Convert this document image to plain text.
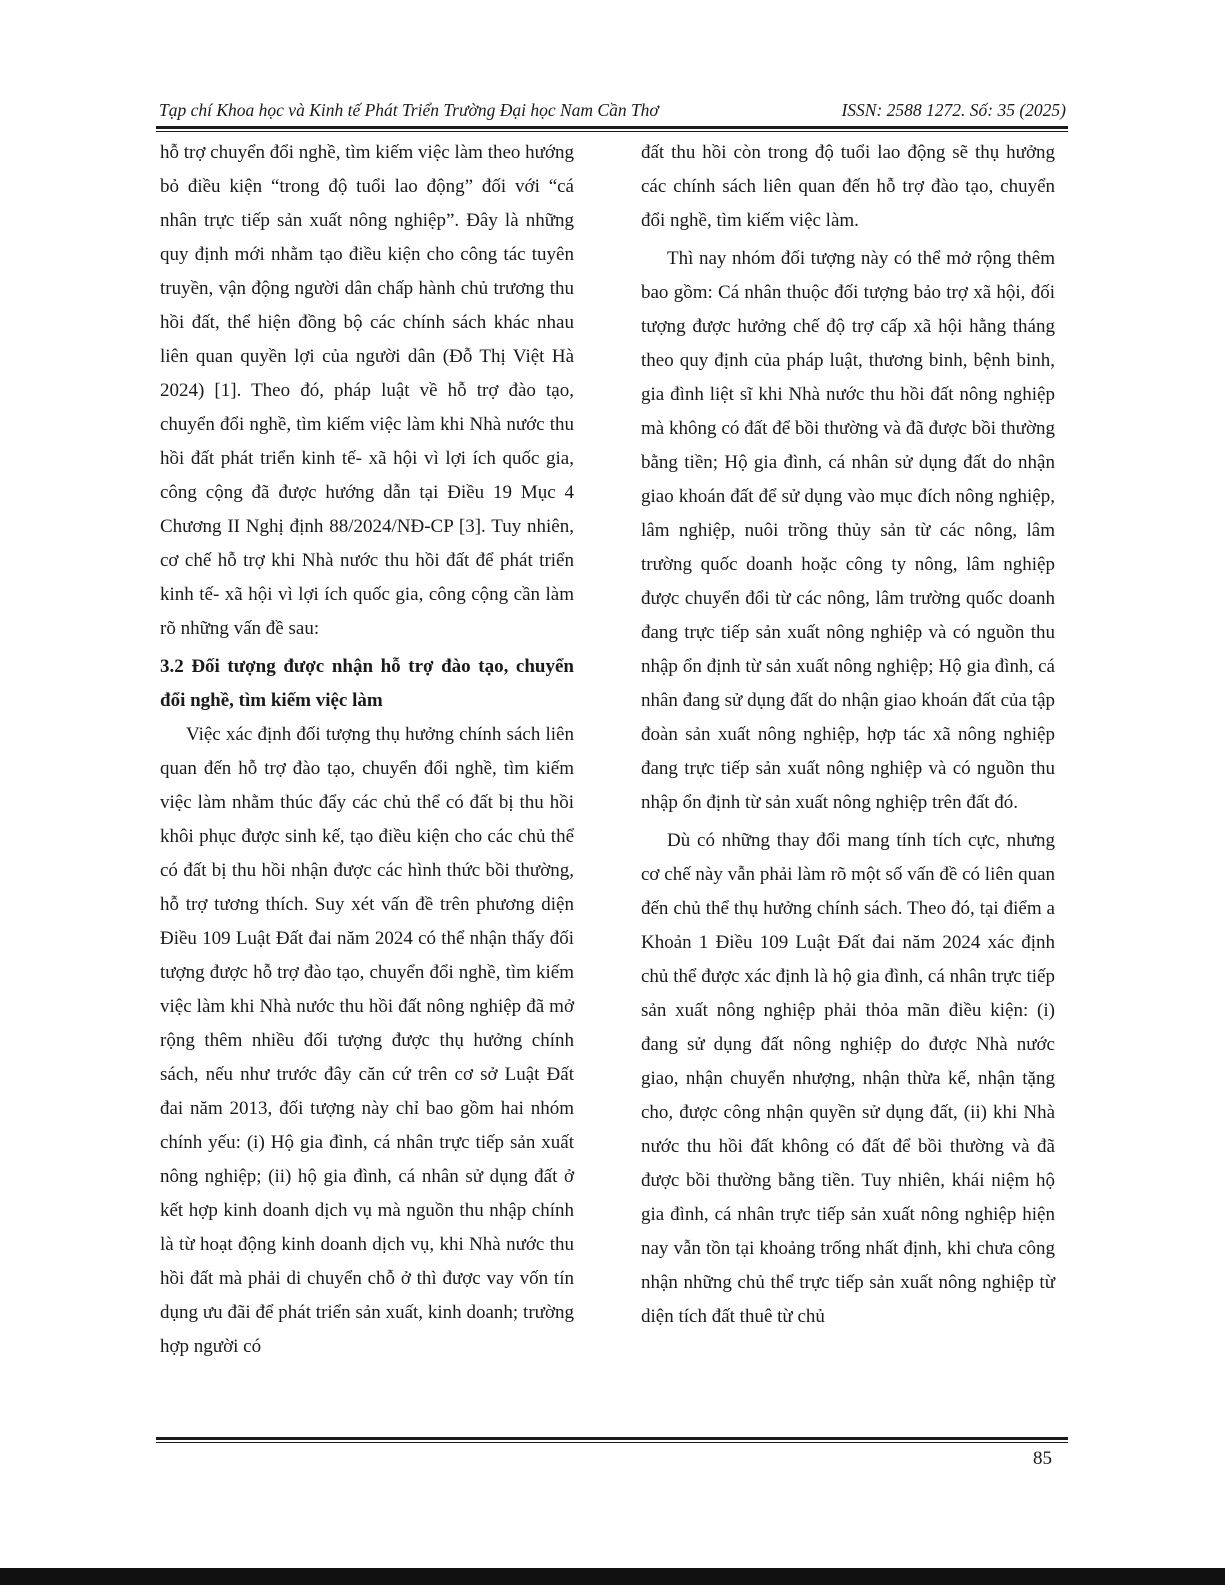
Tạp chí Khoa học và Kinh tế Phát Triển Trường Đại học Nam Cần Thơ	ISSN: 2588 1272. Số: 35 (2025)

hỗ trợ chuyển đổi nghề, tìm kiếm việc làm theo hướng bỏ điều kiện “trong độ tuổi lao động” đối với “cá nhân trực tiếp sản xuất nông nghiệp”. Đây là những quy định mới nhằm tạo điều kiện cho công tác tuyên truyền, vận động người dân chấp hành chủ trương thu hồi đất, thể hiện đồng bộ các chính sách khác nhau liên quan quyền lợi của người dân (Đỗ Thị Việt Hà 2024) [1]. Theo đó, pháp luật về hỗ trợ đào tạo, chuyển đổi nghề, tìm kiếm việc làm khi Nhà nước thu hồi đất phát triển kinh tế- xã hội vì lợi ích quốc gia, công cộng đã được hướng dẫn tại Điều 19 Mục 4 Chương II Nghị định 88/2024/NĐ-CP [3]. Tuy nhiên, cơ chế hỗ trợ khi Nhà nước thu hồi đất để phát triển kinh tế- xã hội vì lợi ích quốc gia, công cộng cần làm rõ những vấn đề sau:

3.2 Đối tượng được nhận hỗ trợ đào tạo, chuyển đổi nghề, tìm kiếm việc làm

Việc xác định đối tượng thụ hưởng chính sách liên quan đến hỗ trợ đào tạo, chuyển đổi nghề, tìm kiếm việc làm nhằm thúc đẩy các chủ thể có đất bị thu hồi khôi phục được sinh kế, tạo điều kiện cho các chủ thể có đất bị thu hồi nhận được các hình thức bồi thường, hỗ trợ tương thích. Suy xét vấn đề trên phương diện Điều 109 Luật Đất đai năm 2024 có thể nhận thấy đối tượng được hỗ trợ đào tạo, chuyển đổi nghề, tìm kiếm việc làm khi Nhà nước thu hồi đất nông nghiệp đã mở rộng thêm nhiều đối tượng được thụ hưởng chính sách, nếu như trước đây căn cứ trên cơ sở Luật Đất đai năm 2013, đối tượng này chỉ bao gồm hai nhóm chính yếu: (i) Hộ gia đình, cá nhân trực tiếp sản xuất nông nghiệp; (ii) hộ gia đình, cá nhân sử dụng đất ở kết hợp kinh doanh dịch vụ mà nguồn thu nhập chính là từ hoạt động kinh doanh dịch vụ, khi Nhà nước thu hồi đất mà phải di chuyển chỗ ở thì được vay vốn tín dụng ưu đãi để phát triển sản xuất, kinh doanh; trường hợp người có

đất thu hồi còn trong độ tuổi lao động sẽ thụ hưởng các chính sách liên quan đến hỗ trợ đào tạo, chuyển đổi nghề, tìm kiếm việc làm.

Thì nay nhóm đối tượng này có thể mở rộng thêm bao gồm: Cá nhân thuộc đối tượng bảo trợ xã hội, đối tượng được hưởng chế độ trợ cấp xã hội hằng tháng theo quy định của pháp luật, thương binh, bệnh binh, gia đình liệt sĩ khi Nhà nước thu hồi đất nông nghiệp mà không có đất để bồi thường và đã được bồi thường bằng tiền; Hộ gia đình, cá nhân sử dụng đất do nhận giao khoán đất để sử dụng vào mục đích nông nghiệp, lâm nghiệp, nuôi trồng thủy sản từ các nông, lâm trường quốc doanh hoặc công ty nông, lâm nghiệp được chuyển đổi từ các nông, lâm trường quốc doanh đang trực tiếp sản xuất nông nghiệp và có nguồn thu nhập ổn định từ sản xuất nông nghiệp; Hộ gia đình, cá nhân đang sử dụng đất do nhận giao khoán đất của tập đoàn sản xuất nông nghiệp, hợp tác xã nông nghiệp đang trực tiếp sản xuất nông nghiệp và có nguồn thu nhập ổn định từ sản xuất nông nghiệp trên đất đó.

Dù có những thay đổi mang tính tích cực, nhưng cơ chế này vẫn phải làm rõ một số vấn đề có liên quan đến chủ thể thụ hưởng chính sách. Theo đó, tại điểm a Khoản 1 Điều 109 Luật Đất đai năm 2024 xác định chủ thể được xác định là hộ gia đình, cá nhân trực tiếp sản xuất nông nghiệp phải thỏa mãn điều kiện: (i) đang sử dụng đất nông nghiệp do được Nhà nước giao, nhận chuyển nhượng, nhận thừa kế, nhận tặng cho, được công nhận quyền sử dụng đất, (ii) khi Nhà nước thu hồi đất không có đất để bồi thường và đã được bồi thường bằng tiền. Tuy nhiên, khái niệm hộ gia đình, cá nhân trực tiếp sản xuất nông nghiệp hiện nay vẫn tồn tại khoảng trống nhất định, khi chưa công nhận những chủ thể trực tiếp sản xuất nông nghiệp từ diện tích đất thuê từ chủ

85
